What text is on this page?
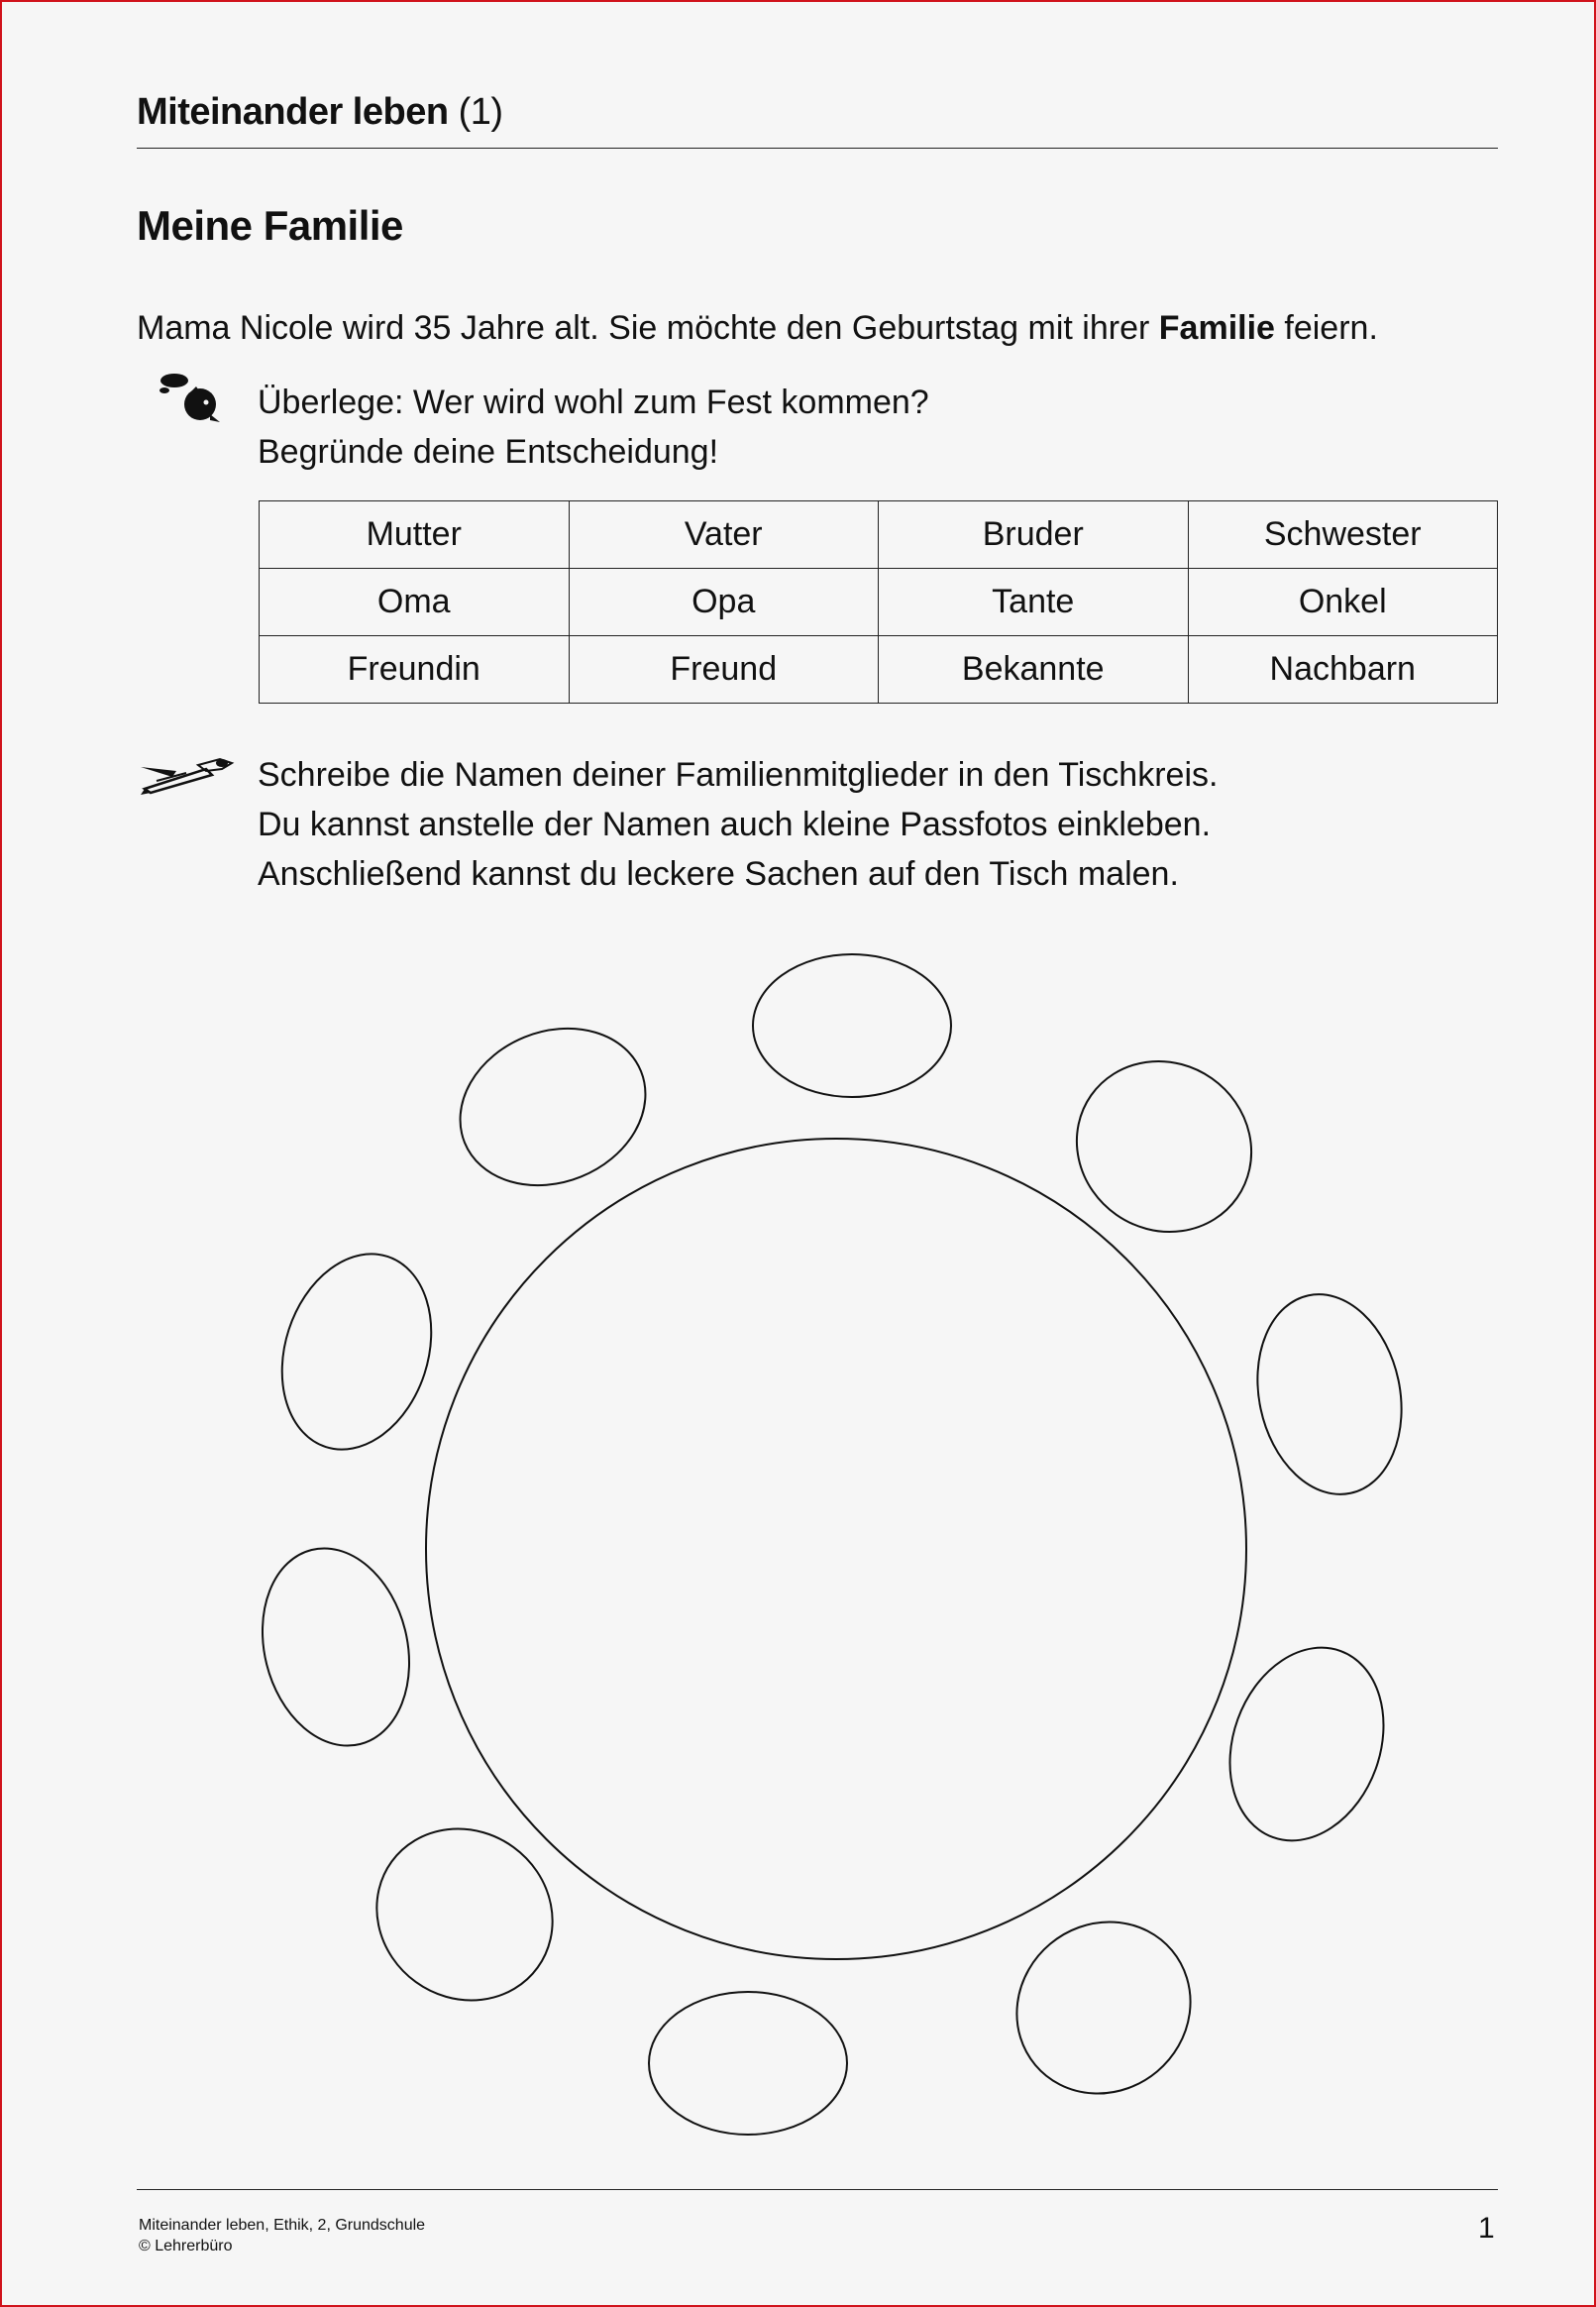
Miteinander leben (1)
Meine Familie
Mama Nicole wird 35 Jahre alt. Sie möchte den Geburtstag mit ihrer Familie feiern.
Überlege: Wer wird wohl zum Fest kommen?
Begründe deine Entscheidung!
Mutter	Vater	Bruder	Schwester
Oma	Opa	Tante	Onkel
Freundin	Freund	Bekannte	Nachbarn
Schreibe die Namen deiner Familienmitglieder in den Tischkreis.
Du kannst anstelle der Namen auch kleine Passfotos einkleben.
Anschließend kannst du leckere Sachen auf den Tisch malen.
Miteinander leben, Ethik, 2, Grundschule
© Lehrerbüro
1
